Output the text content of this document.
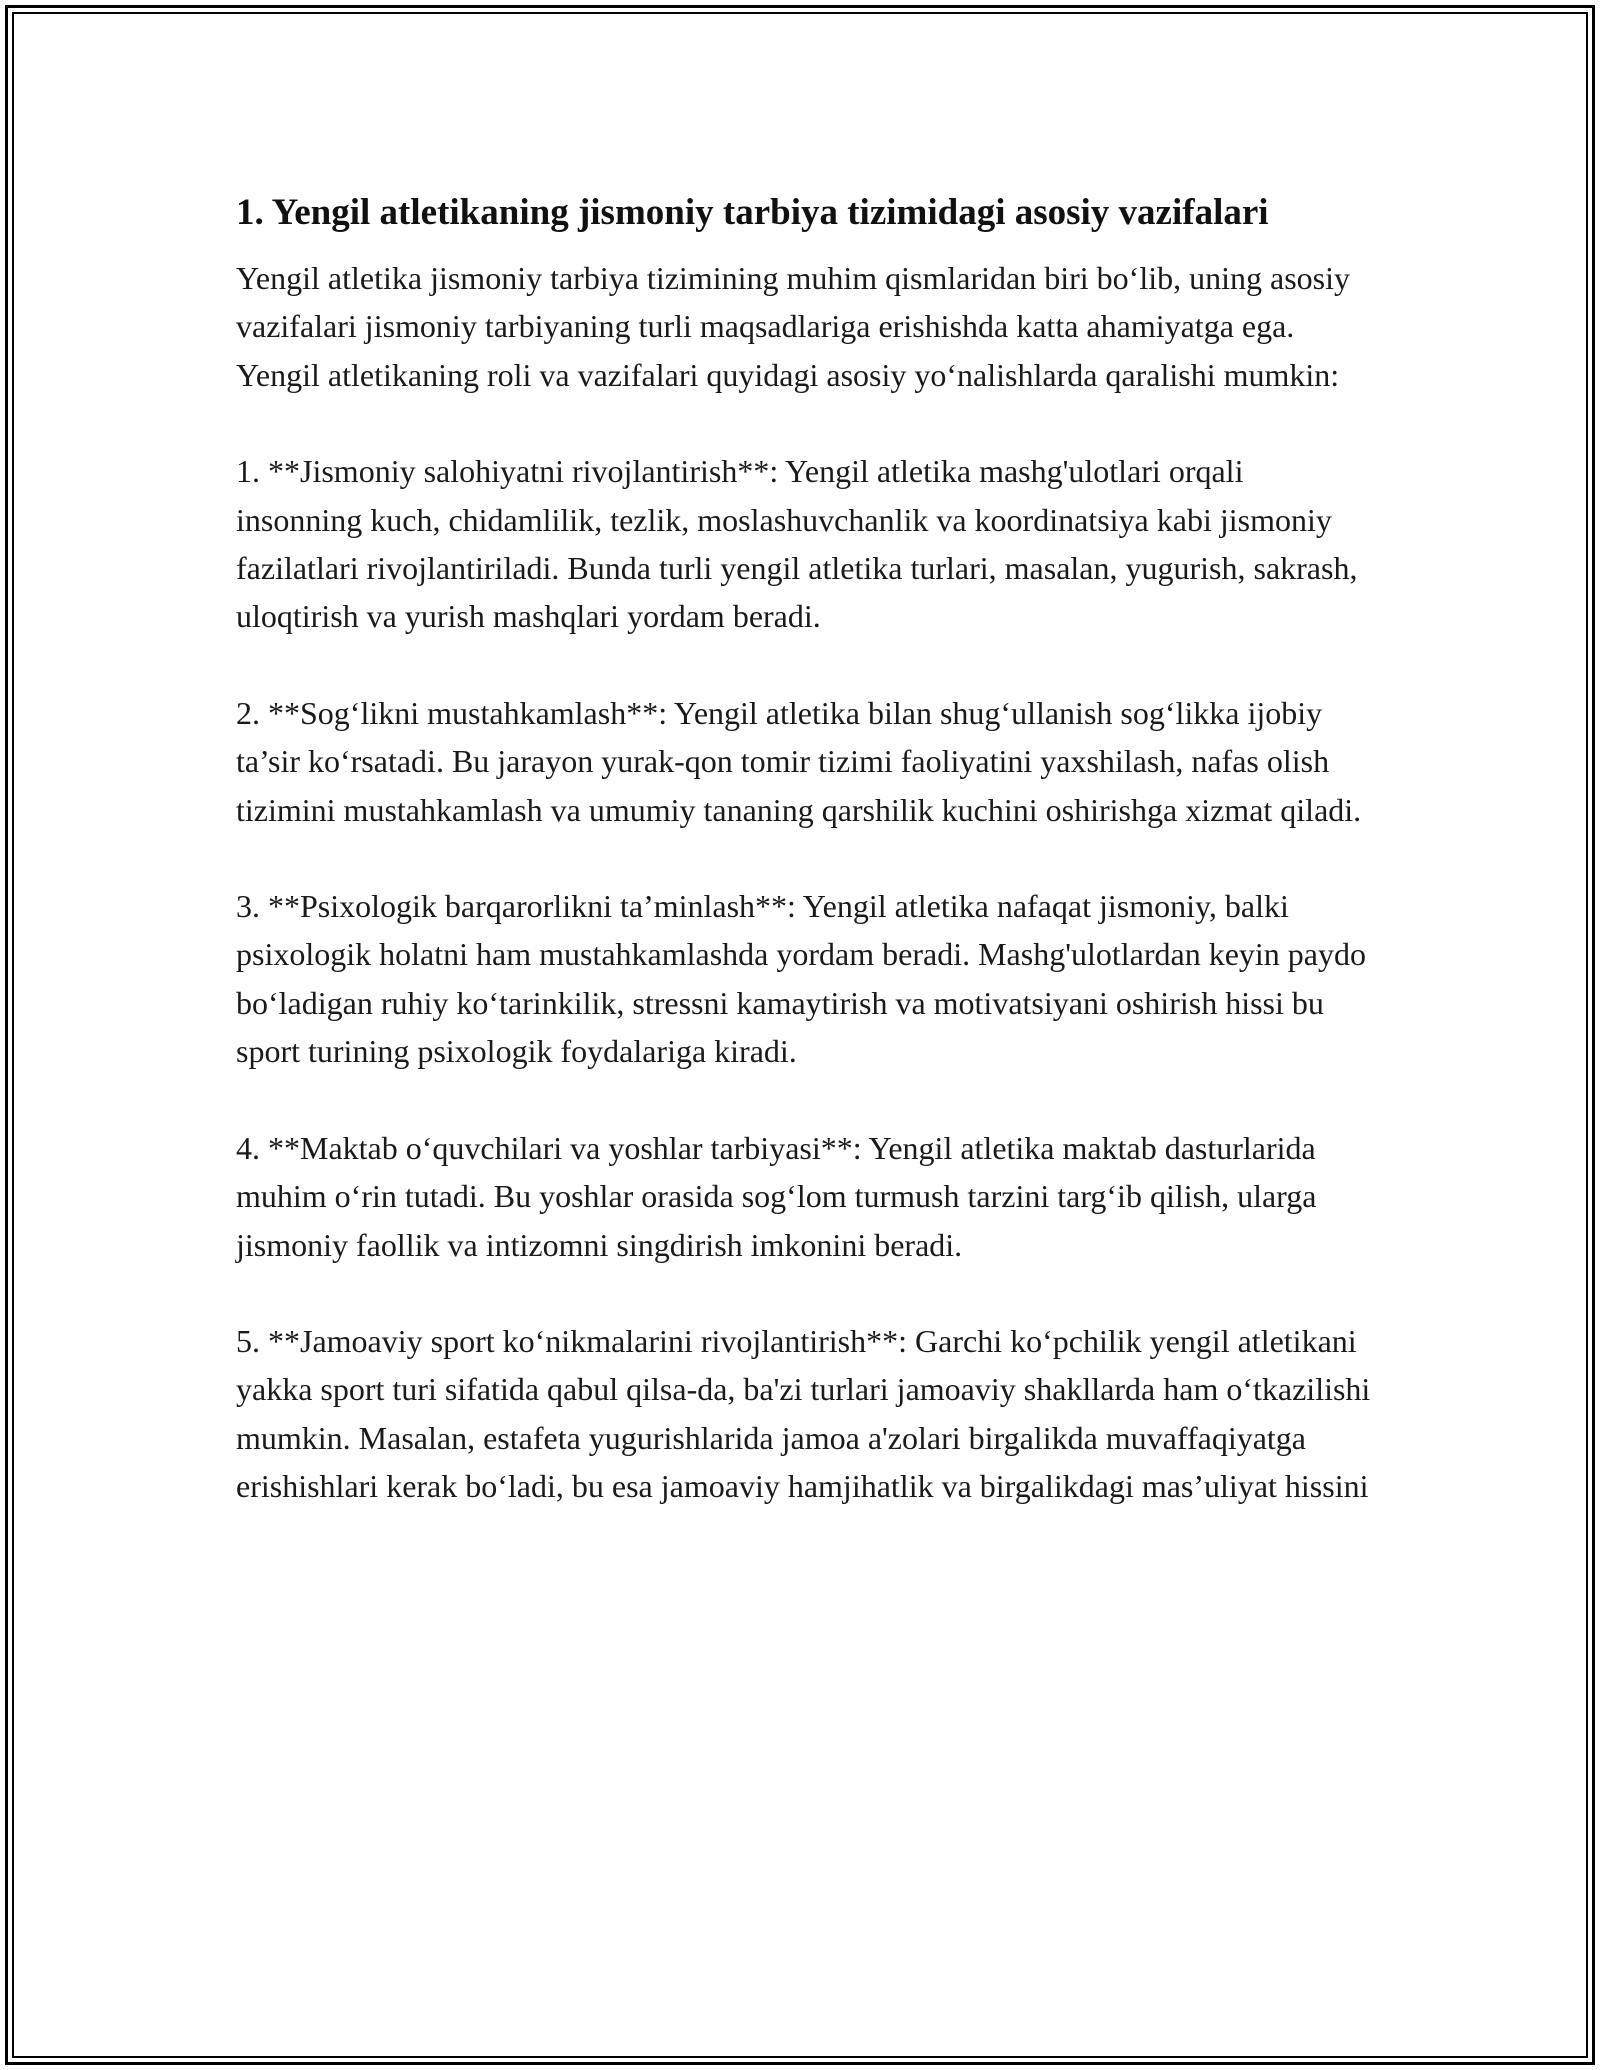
1. Yengil atletikaning jismoniy tarbiya tizimidagi asosiy vazifalari

Yengil atletika jismoniy tarbiya tizimining muhim qismlaridan biri bo‘lib, uning asosiy vazifalari jismoniy tarbiyaning turli maqsadlariga erishishda katta ahamiyatga ega. Yengil atletikaning roli va vazifalari quyidagi asosiy yo‘nalishlarda qaralishi mumkin:

1. **Jismoniy salohiyatni rivojlantirish**: Yengil atletika mashg'ulotlari orqali insonning kuch, chidamlilik, tezlik, moslashuvchanlik va koordinatsiya kabi jismoniy fazilatlari rivojlantiriladi. Bunda turli yengil atletika turlari, masalan, yugurish, sakrash, uloqtirish va yurish mashqlari yordam beradi.

2. **Sog‘likni mustahkamlash**: Yengil atletika bilan shug‘ullanish sog‘likka ijobiy ta’sir ko‘rsatadi. Bu jarayon yurak-qon tomir tizimi faoliyatini yaxshilash, nafas olish tizimini mustahkamlash va umumiy tananing qarshilik kuchini oshirishga xizmat qiladi.

3. **Psixologik barqarorlikni ta’minlash**: Yengil atletika nafaqat jismoniy, balki psixologik holatni ham mustahkamlashda yordam beradi. Mashg'ulotlardan keyin paydo bo‘ladigan ruhiy ko‘tarinkilik, stressni kamaytirish va motivatsiyani oshirish hissi bu sport turining psixologik foydalariga kiradi.

4. **Maktab o‘quvchilari va yoshlar tarbiyasi**: Yengil atletika maktab dasturlarida muhim o‘rin tutadi. Bu yoshlar orasida sog‘lom turmush tarzini targ‘ib qilish, ularga jismoniy faollik va intizomni singdirish imkonini beradi.

5. **Jamoaviy sport ko‘nikmalarini rivojlantirish**: Garchi ko‘pchilik yengil atletikani yakka sport turi sifatida qabul qilsa-da, ba'zi turlari jamoaviy shakllarda ham o‘tkazilishi mumkin. Masalan, estafeta yugurishlarida jamoa a'zolari birgalikda muvaffaqiyatga erishishlari kerak bo‘ladi, bu esa jamoaviy hamjihatlik va birgalikdagi mas’uliyat hissini
